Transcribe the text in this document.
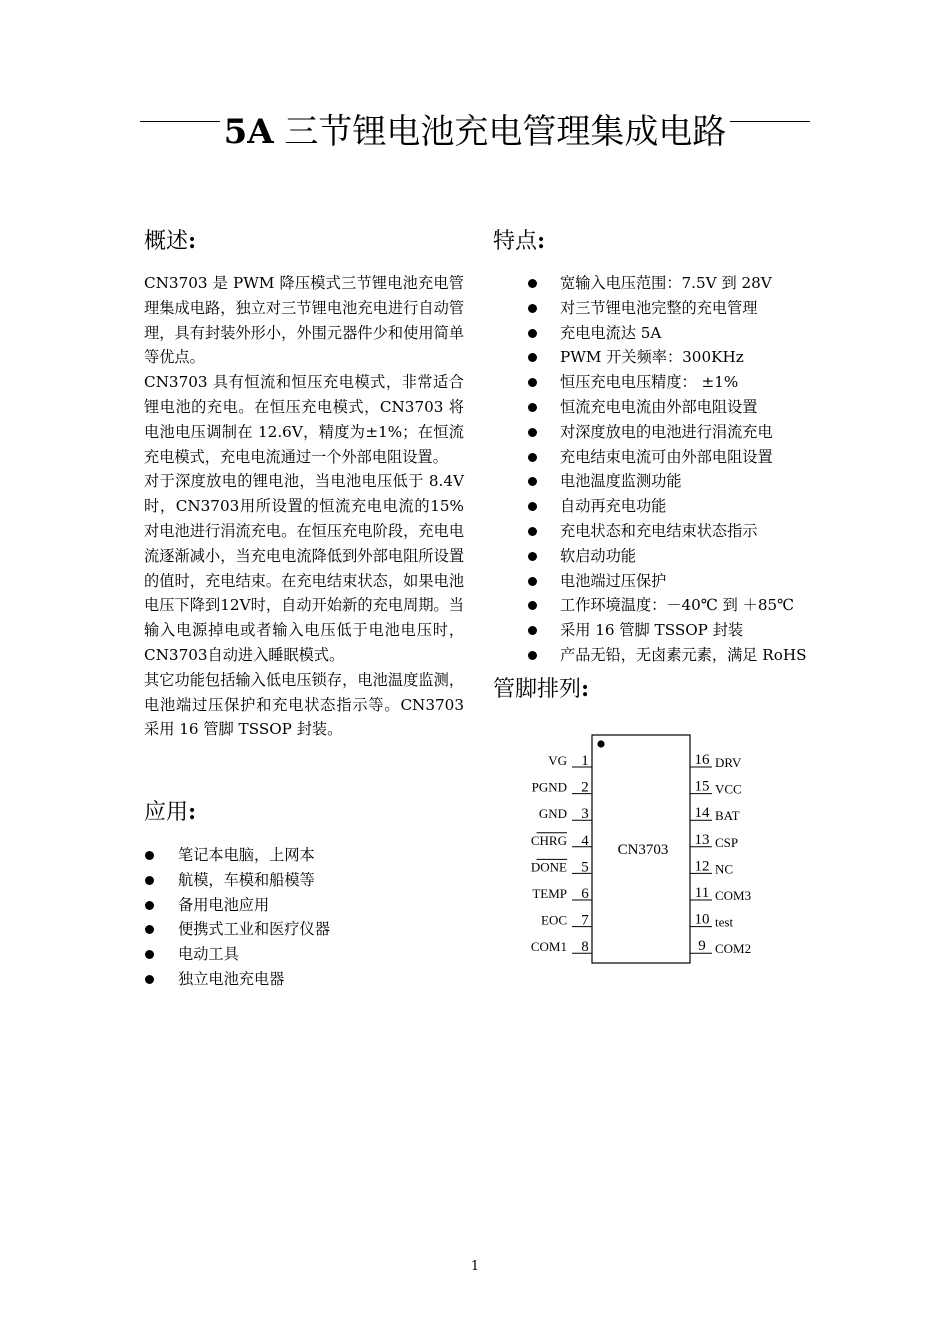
5A 三节锂电池充电管理集成电路
概述:

CN3703 是 PWM 降压模式三节锂电池充电管理集成电路，独立对三节锂电池充电进行自动管理，具有封装外形小，外围元器件少和使用简单等优点。

CN3703 具有恒流和恒压充电模式，非常适合锂电池的充电。在恒压充电模式，CN3703 将电池电压调制在 12.6V，精度为±1%；在恒流充电模式，充电电流通过一个外部电阻设置。

对于深度放电的锂电池，当电池电压低于 8.4V时，CN3703用所设置的恒流充电电流的15%对电池进行涓流充电。在恒压充电阶段，充电电流逐渐减小，当充电电流降低到外部电阻所设置的值时，充电结束。在充电结束状态，如果电池电压下降到12V时，自动开始新的充电周期。当输入电源掉电或者输入电压低于电池电压时，CN3703自动进入睡眠模式。

其它功能包括输入低电压锁存，电池温度监测，电池端过压保护和充电状态指示等。CN3703 采用 16 管脚 TSSOP 封装。

应用:
笔记本电脑，上网本
航模，车模和船模等
备用电池应用
便携式工业和医疗仪器
电动工具
独立电池充电器
特点:
宽输入电压范围：7.5V 到 28V
对三节锂电池完整的充电管理
充电电流达 5A
PWM 开关频率：300KHz
恒压充电电压精度： ±1%
恒流充电电流由外部电阻设置
对深度放电的电池进行涓流充电
充电结束电流可由外部电阻设置
电池温度监测功能
自动再充电功能
充电状态和充电结束状态指示
软启动功能
电池端过压保护
工作环境温度：－40℃ 到 ＋85℃
采用 16 管脚 TSSOP 封装
产品无铅，无卤素元素，满足 RoHS
管脚排列:
CN3703
1
VG
2
PGND
3
GND
4
CHRG
5
DONE
6
TEMP
7
EOC
8
COM1
16 DRV
15 VCC
14 BAT
13 CSP
12 NC
11 COM3
10 test
9 COM2
1
